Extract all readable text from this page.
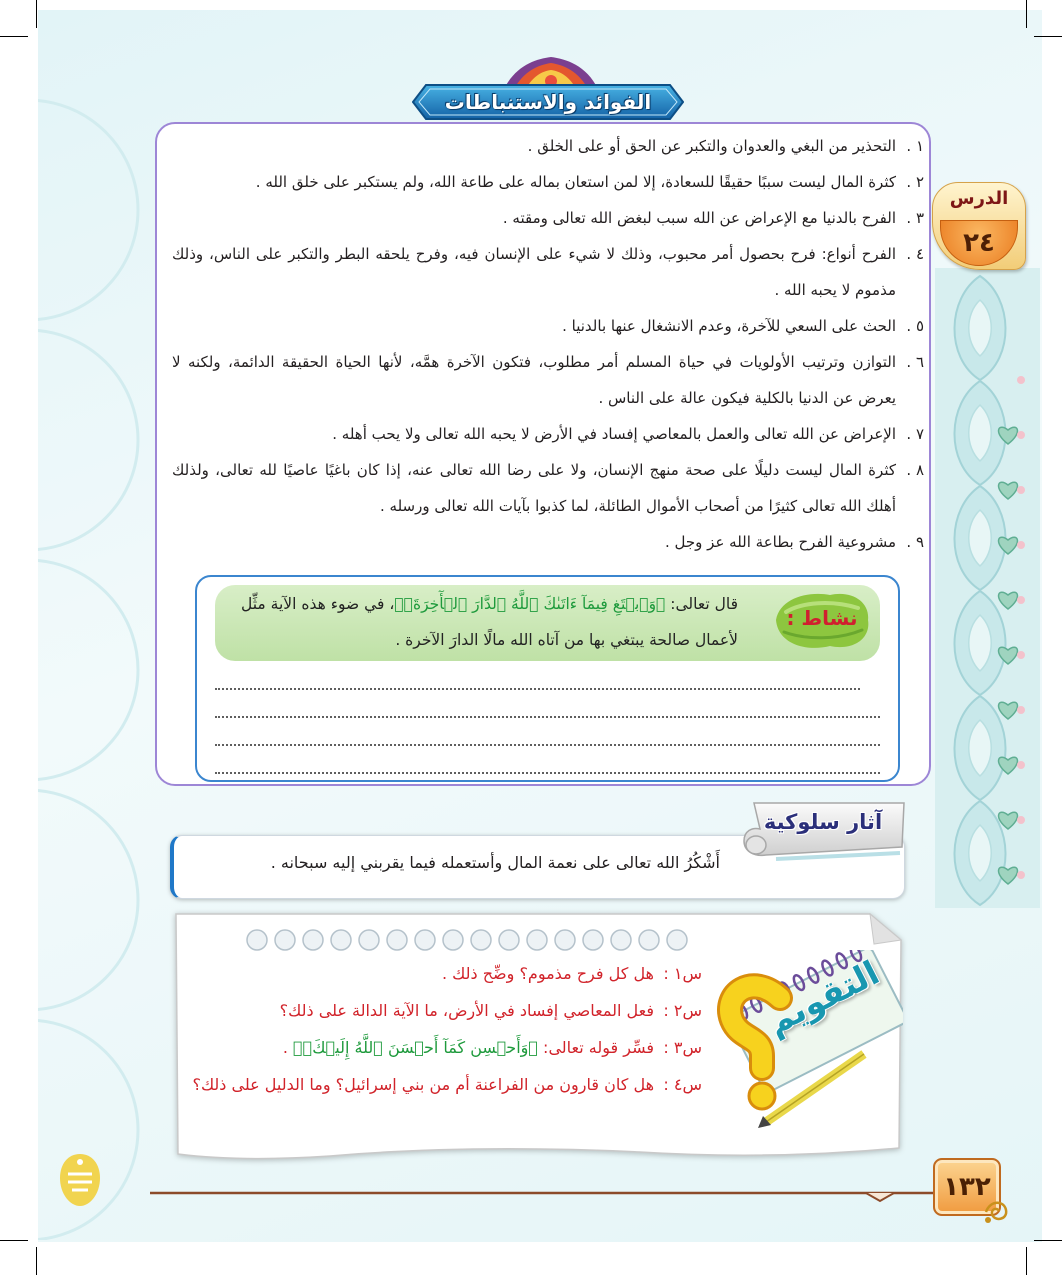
الفوائد والاستنباطات
الدرس
٢٤
١ .
التحذير من البغي والعدوان والتكبر عن الحق أو على الخلق .
٢ .
كثرة المال ليست سببًا حقيقًا للسعادة، إلا لمن استعان بماله على طاعة الله، ولم يستكبر على خلق الله .
٣ .
الفرح بالدنيا مع الإعراض عن الله سبب لبغض الله تعالى ومقته .
٤ .
الفرح أنواع: فرح بحصول أمر محبوب، وذلك لا شيء على الإنسان فيه، وفرح يلحقه البطر والتكبر على الناس، وذلك مذموم لا يحبه الله .
٥ .
الحث على السعي للآخرة، وعدم الانشغال عنها بالدنيا .
٦ .
التوازن وترتيب الأولويات في حياة المسلم أمر مطلوب، فتكون الآخرة همَّه، لأنها الحياة الحقيقة الدائمة، ولكنه لا يعرض عن الدنيا بالكلية فيكون عالة على الناس .
٧ .
الإعراض عن الله تعالى والعمل بالمعاصي إفساد في الأرض لا يحبه الله تعالى ولا يحب أهله .
٨ .
كثرة المال ليست دليلًا على صحة منهج الإنسان، ولا على رضا الله تعالى عنه، إذا كان باغيًا عاصيًا لله تعالى، ولذلك أهلك الله تعالى كثيرًا من أصحاب الأموال الطائلة، لما كذبوا بآيات الله تعالى ورسله .
٩ .
مشروعية الفرح بطاعة الله عز وجل .
قال تعالى: ﴿وَٱبۡتَغِ فِيمَآ ءَاتَىٰكَ ٱللَّهُ ٱلدَّارَ ٱلۡأٓخِرَةَۖ﴾، في ضوء هذه الآية مثِّل لأعمال صالحة يبتغي بها من آتاه الله مالًا الدارَ الآخرة .
نشاط :
آثار سلوكية
أَشْكُرُ الله تعالى على نعمة المال وأستعمله فيما يقربني إليه سبحانه .
س١ :
هل كل فرح مذموم؟ وضِّح ذلك .
س٢ :
فعل المعاصي إفساد في الأرض، ما الآية الدالة على ذلك؟
س٣ :
فسِّر قوله تعالى: ﴿وَأَحۡسِن كَمَآ أَحۡسَنَ ٱللَّهُ إِلَيۡكَۖ﴾ .
س٤ :
هل كان قارون من الفراعنة أم من بني إسرائيل؟ وما الدليل على ذلك؟
التقويم
١٣٢
